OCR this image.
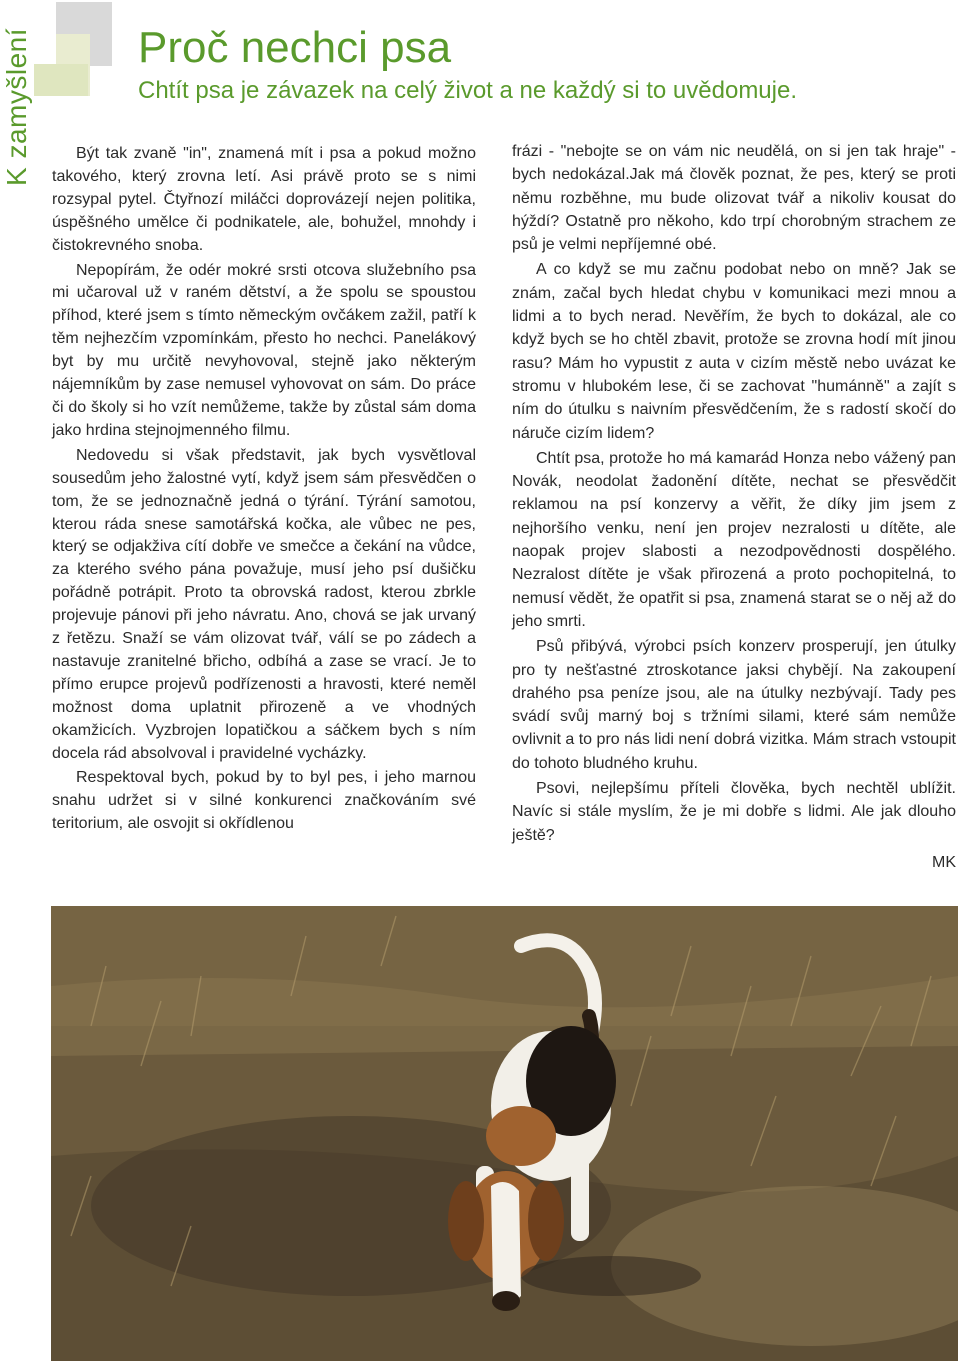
K zamyšlení Proč nechci psa
Chtít psa je závazek na celý život a ne každý si to uvědomuje.

Být tak zvaně "in", znamená mít i psa a pokud možno takového, který zrovna letí. Asi právě proto se s nimi rozsypal pytel. Čtyřnozí miláčci doprovázejí nejen politika, úspěšného umělce či podnikatele, ale, bohužel, mnohdy i čistokrevného snoba.

Nepopírám, že odér mokré srsti otcova služebního psa mi učaroval už v raném dětství, a že spolu se spoustou příhod, které jsem s tímto německým ovčákem zažil, patří k těm nejhezčím vzpomínkám, přesto ho nechci. Panelákový byt by mu určitě nevyhovoval, stejně jako některým nájemníkům by zase nemusel vyhovovat on sám. Do práce či do školy si ho vzít nemůžeme, takže by zůstal sám doma jako hrdina stejnojmenného filmu.

Nedovedu si však představit, jak bych vysvětloval sousedům jeho žalostné vytí, když jsem sám přesvědčen o tom, že se jednoznačně jedná o týrání. Týrání samotou, kterou ráda snese samotářská kočka, ale vůbec ne pes, který se odjakživa cítí dobře ve smečce a čekání na vůdce, za kterého svého pána považuje, musí jeho psí dušičku pořádně potrápit. Proto ta obrovská radost, kterou zbrkle projevuje pánovi při jeho návratu. Ano, chová se jak urvaný z řetězu. Snaží se vám olizovat tvář, válí se po zádech a nastavuje zranitelné břicho, odbíhá a zase se vrací. Je to přímo erupce projevů podřízenosti a hravosti, které neměl možnost doma uplatnit přirozeně a ve vhodných okamžicích. Vyzbrojen lopatičkou a sáčkem bych s ním docela rád absolvoval i pravidelné vycházky.

Respektoval bych, pokud by to byl pes, i jeho marnou snahu udržet si v silné konkurenci značkováním své teritorium, ale osvojit si okřídlenou

frázi - "nebojte se on vám nic neudělá, on si jen tak hraje" - bych nedokázal.Jak má člověk poznat, že pes, který se proti němu rozběhne, mu bude olizovat tvář a nikoliv kousat do hýždí? Ostatně pro někoho, kdo trpí chorobným strachem ze psů je velmi nepříjemné obé.

A co když se mu začnu podobat nebo on mně? Jak se znám, začal bych hledat chybu v komunikaci mezi mnou a lidmi a to bych nerad. Nevěřím, že bych to dokázal, ale co když bych se ho chtěl zbavit, protože se zrovna hodí mít jinou rasu? Mám ho vypustit z auta v cizím městě nebo uvázat ke stromu v hlubokém lese, či se zachovat "humánně" a zajít s ním do útulku s naivním přesvědčením, že s radostí skočí do náruče cizím lidem?

Chtít psa, protože ho má kamarád Honza nebo vážený pan Novák, neodolat žadonění dítěte, nechat se přesvědčit reklamou na psí konzervy a věřit, že díky jim jsem z nejhoršího venku, není jen projev nezralosti u dítěte, ale naopak projev slabosti a nezodpovědnosti dospělého. Nezralost dítěte je však přirozená a proto pochopitelná, to nemusí vědět, že opatřit si psa, znamená starat se o něj až do jeho smrti.

Psů přibývá, výrobci psích konzerv prosperují, jen útulky pro ty nešťastné ztroskotance jaksi chybějí. Na zakoupení drahého psa peníze jsou, ale na útulky nezbývají. Tady pes svádí svůj marný boj s tržními silami, které sám nemůže ovlivnit a to pro nás lidi není dobrá vizitka. Mám strach vstoupit do tohoto bludného kruhu.

Psovi, nejlepšímu příteli člověka, bych nechtěl ublížit. Navíc si stále myslím, že je mi dobře s lidmi. Ale jak dlouho ještě?

MK
